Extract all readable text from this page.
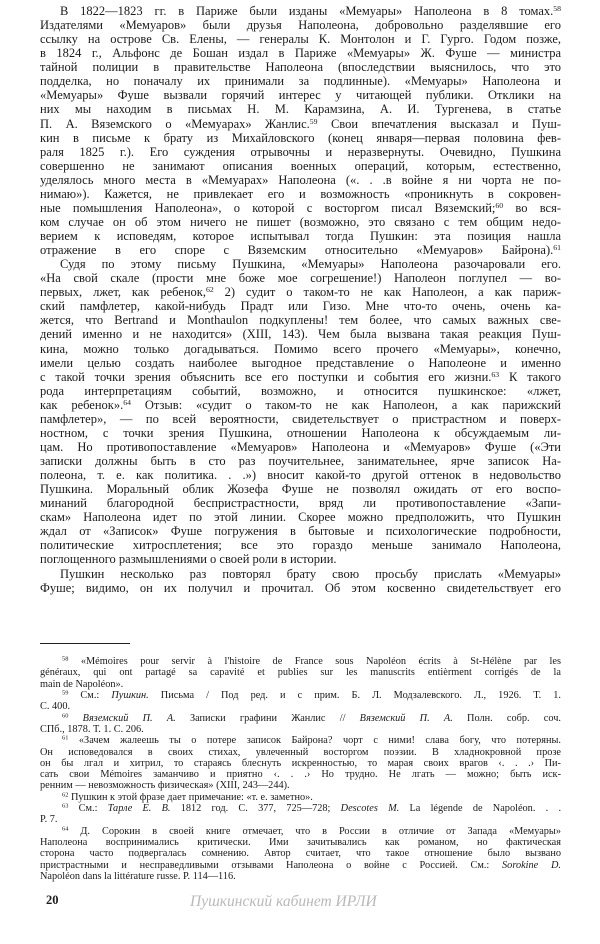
В 1822—1823 гг. в Париже были изданы «Мемуары» Наполеона в 8 томах.$^{58}$
Издателями «Мемуаров» были друзья Наполеона, добровольно разделявшие его
ссылку на острове Св. Елены, — генералы К. Монтолон и Г. Гурго. Годом позже,
в 1824 г., Альфонс де Бошан издал в Париже «Мемуары» Ж. Фуше — министра
тайной полиции в правительстве Наполеона (впоследствии выяснилось, что это
подделка, но поначалу их принимали за подлинные). «Мемуары» Наполеона и
«Мемуары» Фуше вызвали горячий интерес у читающей публики. Отклики на
них мы находим в письмах Н. М. Карамзина, А. И. Тургенева, в статье
П. А. Вяземского о «Мемуарах» Жанлис.$^{59}$ Свои впечатления высказал и Пуш-
кин в письме к брату из Михайловского (конец января—первая половина фев-
раля 1825 г.). Его суждения отрывочны и неразвернуты. Очевидно, Пушкина
совершенно не занимают описания военных операций, которым, естественно,
уделялось много места в «Мемуарах» Наполеона («. . .в войне я ни чорта не по-
нимаю»). Кажется, не привлекает его и возможность «проникнуть в сокровен-
ные помышления Наполеона», о которой с восторгом писал Вяземский;$^{60}$ во вся-
ком случае он об этом ничего не пишет (возможно, это связано с тем общим недо-
верием к исповедям, которое испытывал тогда Пушкин: эта позиция нашла
отражение в его споре с Вяземским относительно «Мемуаров» Байрона).$^{61}$
Судя по этому письму Пушкина, «Мемуары» Наполеона разочаровали его.
«На свой скале (прости мне боже мое согрешение!) Наполеон поглупел — во-
первых, лжет, как ребенок,$^{62}$ 2) судит о таком-то не как Наполеон, а как париж-
ский памфлетер, какой-нибудь Прадт или Гизо. Мне что-то очень, очень ка-
жется, что Bertrand и Monthaulon подкуплены! тем более, что самых важных све-
дений именно и не находится» (XIII, 143). Чем была вызвана такая реакция Пуш-
кина, можно только догадываться. Помимо всего прочего «Мемуары», конечно,
имели целью создать наиболее выгодное представление о Наполеоне и именно
с такой точки зрения объяснить все его поступки и события его жизни.$^{63}$ К такого
рода интерпретациям событий, возможно, и относится пушкинское: «лжет,
как ребенок».$^{64}$ Отзыв: «судит о таком-то не как Наполеон, а как парижский
памфлетер», — по всей вероятности, свидетельствует о пристрастном и поверх-
ностном, с точки зрения Пушкина, отношении Наполеона к обсуждаемым ли-
цам. Но противопоставление «Мемуаров» Наполеона и «Мемуаров» Фуше («Эти
записки должны быть в сто раз поучительнее, занимательнее, ярче записок На-
полеона, т. е. как политика. . .») вносит какой-то другой оттенок в недовольство
Пушкина. Моральный облик Жозефа Фуше не позволял ожидать от его воспо-
минаний благородной беспристрастности, вряд ли противопоставление «Запи-
скам» Наполеона идет по этой линии. Скорее можно предположить, что Пушкин
ждал от «Записок» Фуше погружения в бытовые и психологические подробности,
политические хитросплетения; все это гораздо меньше занимало Наполеона,
поглощенного размышлениями о своей роли в истории.
Пушкин несколько раз повторял брату свою просьбу прислать «Мемуары»
Фуше; видимо, он их получил и прочитал. Об этом косвенно свидетельствует его
$^{58}$ «Mémoires pour servir à l'histoire de France sous Napoléon écrits à St-Hélène par les
généraux, qui ont partagé sa capavité et publies sur les manuscrits entièrment corrigés de la
main de Napoléon».
$^{59}$ См.: Пушкин. Письма / Под ред. и с прим. Б. Л. Модзалевского. Л., 1926. Т. 1.
С. 400.
$^{60}$ Вяземский П. А. Записки графини Жанлис // Вяземский П. А. Полн. собр. соч.
СПб., 1878. Т. 1. С. 206.
$^{61}$ «Зачем жалеешь ты о потере записок Байрона? чорт с ними! слава богу, что потеряны.
Он исповедовался в своих стихах, увлеченный восторгом поэзии. В хладнокровной прозе
он бы лгал и хитрил, то стараясь блеснуть искренностью, то марая своих врагов ‹. . .› Пи-
сать свои Mémoires заманчиво и приятно ‹. . .› Но трудно. Не лгать — можно; быть иск-
ренним — невозможность физическая» (XIII, 243—244).
$^{62}$ Пушкин к этой фразе дает примечание: «т. е. заметно».
$^{63}$ См.: Тарле Е. В. 1812 год. С. 377, 725—728; Descotes M. La légende de Napoléon. . .
P. 7.
$^{64}$ Д. Сорокин в своей книге отмечает, что в России в отличие от Запада «Мемуары»
Наполеона воспринимались критически. Ими зачитывались как романом, но фактическая
сторона часто подвергалась сомнению. Автор считает, что такое отношение было вызвано
пристрастными и несправедливыми отзывами Наполеона о войне с Россией. См.: Sorokine D.
Napoléon dans la littérature russe. P. 114—116.
20	Пушкинский кабинет ИРЛИ
